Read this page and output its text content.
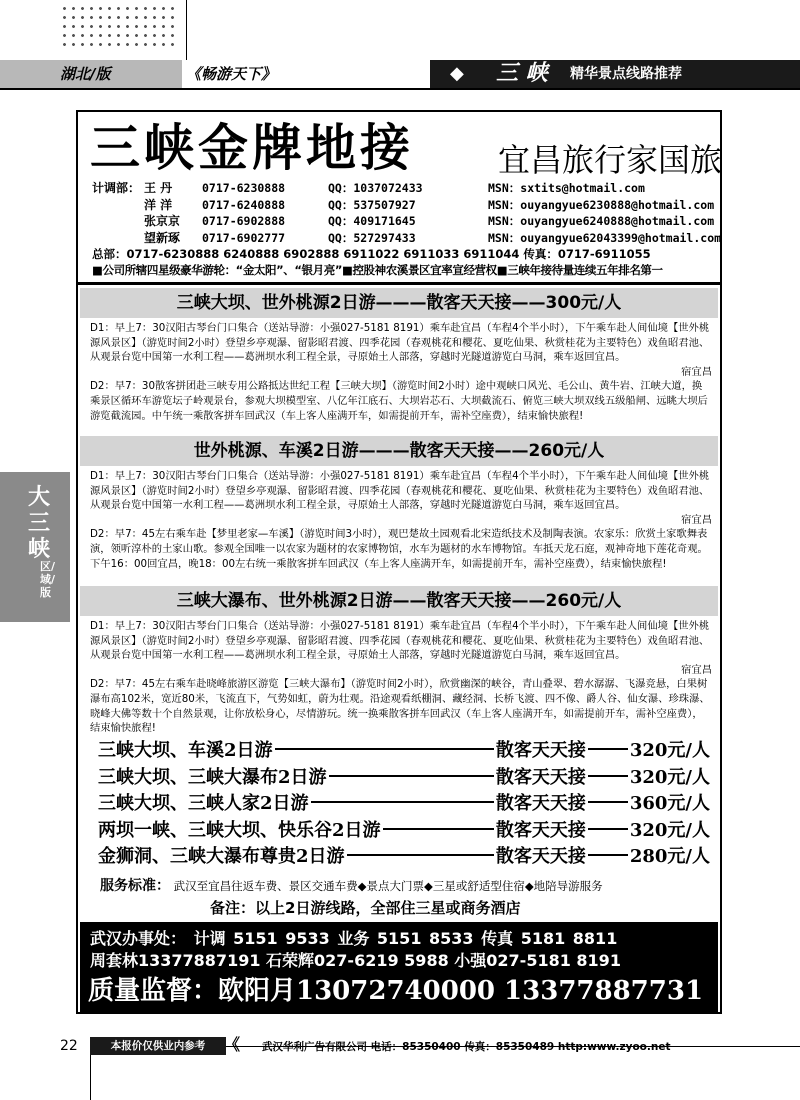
湖北/版	《畅游天下》	◆ 三 峡 精华景点线路推荐
大
三
峡
区/域/版
三峡金牌地接	宜昌旅行家国旅
计调部： 王 丹	0717-6230888	QQ：1037072433	MSN：sxtits@hotmail.com
洋 洋	0717-6240888	QQ：537507927	MSN：ouyangyue6230888@hotmail.com
张京京	0717-6902888	QQ：409171645	MSN：ouyangyue6240888@hotmail.com
望新琢	0717-6902777	QQ：527297433	MSN：ouyangyue62043399@hotmail.com
总部：0717-6230888 6240888 6902888 6911022 6911033 6911044 传真：0717-6911055
■公司所辖四星级豪华游轮：“金太阳”、“银月亮”■控股神农溪景区宜率宣经营权■三峡年接待量连续五年排名第一
三峡大坝、世外桃源2日游———散客天天接——300元/人

D1：早上7：30汉阳古琴台门口集合（送站导游：小强027-5181 8191）乘车赴宜昌（车程4个半小时），下午乘车赴人间仙境【世外桃源风景区】（游览时间2小时）登望乡亭观瀑、留影昭君渡、四季花园（春观桃花和樱花、夏吃仙果、秋赏桂花为主要特色）戏鱼昭君池、从观景台览中国第一水利工程——葛洲坝水利工程全景，寻原始土人部落，穿越时光隧道游览白马洞，乘车返回宜昌。

宿宜昌

D2：早7：30散客拼团赴三峡专用公路抵达世纪工程【三峡大坝】（游览时间2小时）途中观峡口风光、毛公山、黄牛岩、江峡大道，换乘景区循环车游览坛子岭观景台，参观大坝模型室、八亿年江底石、大坝岩芯石、大坝截流石、俯览三峡大坝双线五级船闸、远眺大坝后游览截流园。中午统一乘散客拼车回武汉（车上客人座满开车，如需提前开车，需补空座费），结束愉快旅程!

世外桃源、车溪2日游———散客天天接——260元/人

D1：早上7：30汉阳古琴台门口集合（送站导游：小强027-5181 8191）乘车赴宜昌（车程4个半小时），下午乘车赴人间仙境【世外桃源风景区】（游览时间2小时）登望乡亭观瀑、留影昭君渡、四季花园（春观桃花和樱花、夏吃仙果、秋赏桂花为主要特色）戏鱼昭君池、从观景台览中国第一水利工程——葛洲坝水利工程全景，寻原始土人部落，穿越时光隧道游览白马洞，乘车返回宜昌。

宿宜昌

D2：早7：45左右乘车赴【梦里老家—车溪】（游览时间3小时），观巴楚故土园观看北宋造纸技术及制陶表演。农家乐：欣赏土家歌舞表演，领听淳朴的土家山歌。参观全国唯一以农家为题材的农家博物馆，水车为题材的水车博物馆。车抵天龙石庭，观神奇地下莲花奇观。下午16：00回宜昌，晚18：00左右统一乘散客拼车回武汉（车上客人座满开车，如需提前开车，需补空座费），结束愉快旅程!

三峡大瀑布、世外桃源2日游——散客天天接——260元/人

D1：早上7：30汉阳古琴台门口集合（送站导游：小强027-5181 8191）乘车赴宜昌（车程4个半小时），下午乘车赴人间仙境【世外桃源风景区】（游览时间2小时）登望乡亭观瀑、留影昭君渡、四季花园（春观桃花和樱花、夏吃仙果、秋赏桂花为主要特色）戏鱼昭君池、从观景台览中国第一水利工程——葛洲坝水利工程全景，寻原始土人部落，穿越时光隧道游览白马洞，乘车返回宜昌。

宿宜昌

D2：早7：45左右乘车赴晓峰旅游区游览【三峡大瀑布】（游览时间2小时），欣赏幽深的峡谷，青山叠翠、碧水潺潺、飞瀑竞悬，白果树瀑布高102米，宽近80米，飞流直下，气势如虹，蔚为壮观。沿途观看纸棚洞、藏经洞、长桥飞渡、四不像、爵人谷、仙女瀑、珍珠瀑、晓峰大佛等数十个自然景观，让你放松身心，尽情游玩。统一换乘散客拼车回武汉（车上客人座满开车，如需提前开车，需补空座费），结束愉快旅程!

三峡大坝、车溪2日游	散客天天接 320元/人
三峡大坝、三峡大瀑布2日游	散客天天接 320元/人
三峡大坝、三峡人家2日游	散客天天接 360元/人
两坝一峡、三峡大坝、快乐谷2日游	散客天天接 320元/人
金狮洞、三峡大瀑布尊贵2日游	散客天天接 280元/人
服务标准： 武汉至宜昌往返车费、景区交通车费◆景点大门票◆三星或舒适型住宿◆地陪导游服务
备注：以上2日游线路，全部住三星或商务酒店
武汉办事处： 计调 5151 9533 业务 5151 8533 传真 5181 8811
周套林13377887191 石荣辉027-6219 5988 小强027-5181 8191
质量监督：欧阳月13072740000 13377887731
22	本报价仅供业内参考	《 武汉华利广告有限公司 电话：85350400 传真：85350489 http:www.zyoo.net
